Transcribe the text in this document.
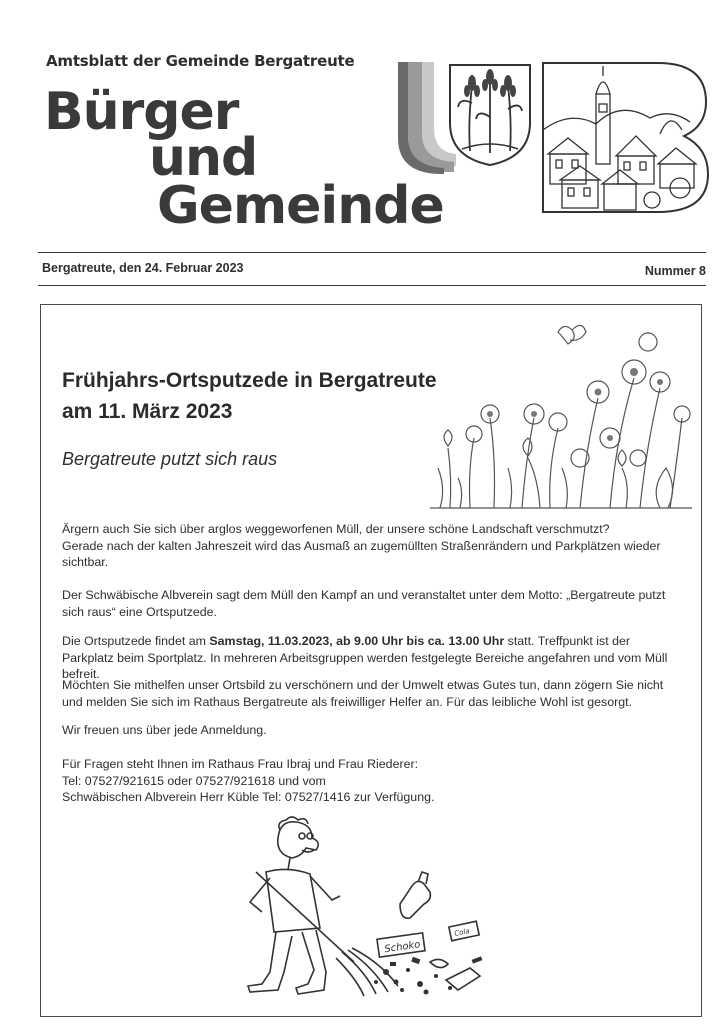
Amtsblatt der Gemeinde Bergatreute
Bürger
und
Gemeinde
Bergatreute, den 24. Februar 2023	Nummer 8
Frühjahrs-Ortsputzede in Bergatreute
am 11. März 2023
Bergatreute putzt sich raus

Ärgern auch Sie sich über arglos weggeworfenen Müll, der unsere schöne Landschaft verschmutzt?
Gerade nach der kalten Jahreszeit wird das Ausmaß an zugemüllten Straßenrändern und Parkplätzen wieder sichtbar.

Der Schwäbische Albverein sagt dem Müll den Kampf an und veranstaltet unter dem Motto: „Bergatreute putzt sich raus“ eine Ortsputzede.

Die Ortsputzede findet am Samstag, 11.03.2023, ab 9.00 Uhr bis ca. 13.00 Uhr statt. Treffpunkt ist der Parkplatz beim Sportplatz. In mehreren Arbeitsgruppen werden festgelegte Bereiche angefahren und vom Müll befreit.

Möchten Sie mithelfen unser Ortsbild zu verschönern und der Umwelt etwas Gutes tun, dann zögern Sie nicht und melden Sie sich im Rathaus Bergatreute als freiwilliger Helfer an. Für das leibliche Wohl ist gesorgt.

Wir freuen uns über jede Anmeldung.

Für Fragen steht Ihnen im Rathaus Frau Ibraj und Frau Riederer:
Tel: 07527/921615 oder 07527/921618 und vom
Schwäbischen Albverein Herr Küble Tel: 07527/1416 zur Verfügung.

Schoko
Cola
